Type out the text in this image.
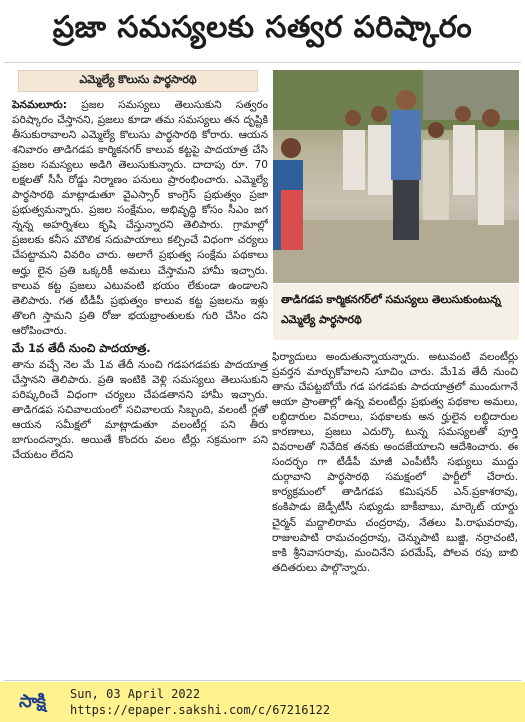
ప్రజా సమస్యలకు సత్వర పరిష్కారం
ఎమ్మెల్యే కొలుసు పార్థసారథి

పెనమలూరు: ప్రజల సమస్యలు తెలుసుకుని సత్వరం పరిష్కారం చేస్తానని, ప్రజలు కూడా తమ సమస్యలు తన దృష్టికి తీసుకురావాలని ఎమ్మెల్యే కొలుసు పార్థసారథి కోరారు. ఆయన శనివారం తాడిగడప కార్మికనగర్ కాలువ కట్టపై పాదయాత్ర చేసి ప్రజల సమస్యలు అడిగి తెలుసుకున్నారు. దాదాపు రూ. 70 లక్షలతో సీసీ రోడ్డు నిర్మాణం పనులు ప్రారంభించారు. ఎమ్మెల్యే పార్థసారథి మాట్లాడుతూ వైఎస్సార్ కాంగ్రెస్ ప్రభుత్వం ప్రజా ప్రభుత్వమన్నారు. ప్రజల సంక్షేమం, అభివృద్ధి కోసం సీఎం జగ న్నన్న అహర్నిశలు కృషి చేస్తున్నారని తెలిపారు. గ్రామాల్లో ప్రజలకు కనీస మౌలిక సదుపాయాలు కల్పించే విధంగా చర్యలు చేపట్టామని వివరిం చారు. అలాగే ప్రభుత్వ సంక్షేమ పథకాలు అర్హు లైన ప్రతి ఒక్కరికీ అమలు చేస్తామని హామీ ఇచ్చారు. కాలువ కట్ట ప్రజలు ఎటువంటి భయం లేకుండా ఉండాలని తెలిపారు. గత టీడీపీ ప్రభుత్వం కాలువ కట్ట ప్రజలను ఇళ్లు తొలగి స్తామని ప్రతి రోజు భయభ్రాంతులకు గురి చేసిం దని ఆరోపించారు.

మే 1వ తేదీ నుంచి పాదయాత్ర.

తాను వచ్చే నెల మే 1వ తేదీ నుంచి గడపగడపకు పాదయాత్ర చేస్తానని తెలిపారు. ప్రతి ఇంటికి వెళ్లి సమస్యలు తెలుసుకుని పరిష్కరించే విధంగా చర్యలు చేపడతానని హామీ ఇచ్చారు. తాడిగడప సచివాలయంలో సచివాలయ సిబ్బంది, వలంటీ ర్లతో ఆయన సమీక్షలో మాట్లాడుతూ వలంటీర్ల పని తీరు బాగుందన్నారు. అయితే కొందరు వలం టీర్లు సక్రమంగా పని చేయటం లేదని

తాడిగడప కార్మికనగర్‌లో సమస్యలు తెలుసుకుంటున్న ఎమ్మెల్యే పార్థసారథి

ఫిర్యాదులు అందుతున్నాయన్నారు. అటువంటి వలంటీర్లు ప్రవర్తన మార్చుకోవాలని సూచిం చారు. మే1వ తేదీ నుంచి తాను చేపట్టబోయే గడ పగడపకు పాదయాత్రలో ముందుగానే ఆయా ప్రాంతాల్లో ఉన్న వలంటీర్లు ప్రభుత్వ పథకాల అమలు, లబ్ధిదారుల వివరాలు, పథకాలకు అన ర్హులైన లబ్ధిదారుల కారణాలు, ప్రజలు ఎదుర్కొ టున్న సమస్యలతో పూర్తి వివరాలతో నివేదిక తనకు అందజేయాలని ఆదేశించారు. ఈ సందర్భం గా టీడీపీ మాజీ ఎంపీటీసీ సభ్యులు ముద్దు దుర్గావాని పార్థసారథి సమక్షంలో పార్టీలో చేరారు. కార్యక్రమంలో తాడిగడప కమిషనర్ ఎన్.ప్రకాశరావు, కంకిపాడు జెడ్పీటీసీ సభ్యుడు బాకీబాబు, మార్కెట్ యార్డు చైర్మన్ మద్దాలిరామ చంద్రరావు, నేతలు పి.రాఘవరావు, రాజులపాటి రామచంద్రరావు, చెన్నుపాటి బుజ్జి, నర్రాచంటి, కాకి శ్రీనివాసరావు, మంచినేని పరమేష్, పోలవ రపు బాబి తదితరులు పాల్గొన్నారు.

సాక్షి Sun, 03 April 2022
https://epaper.sakshi.com/c/67216122
